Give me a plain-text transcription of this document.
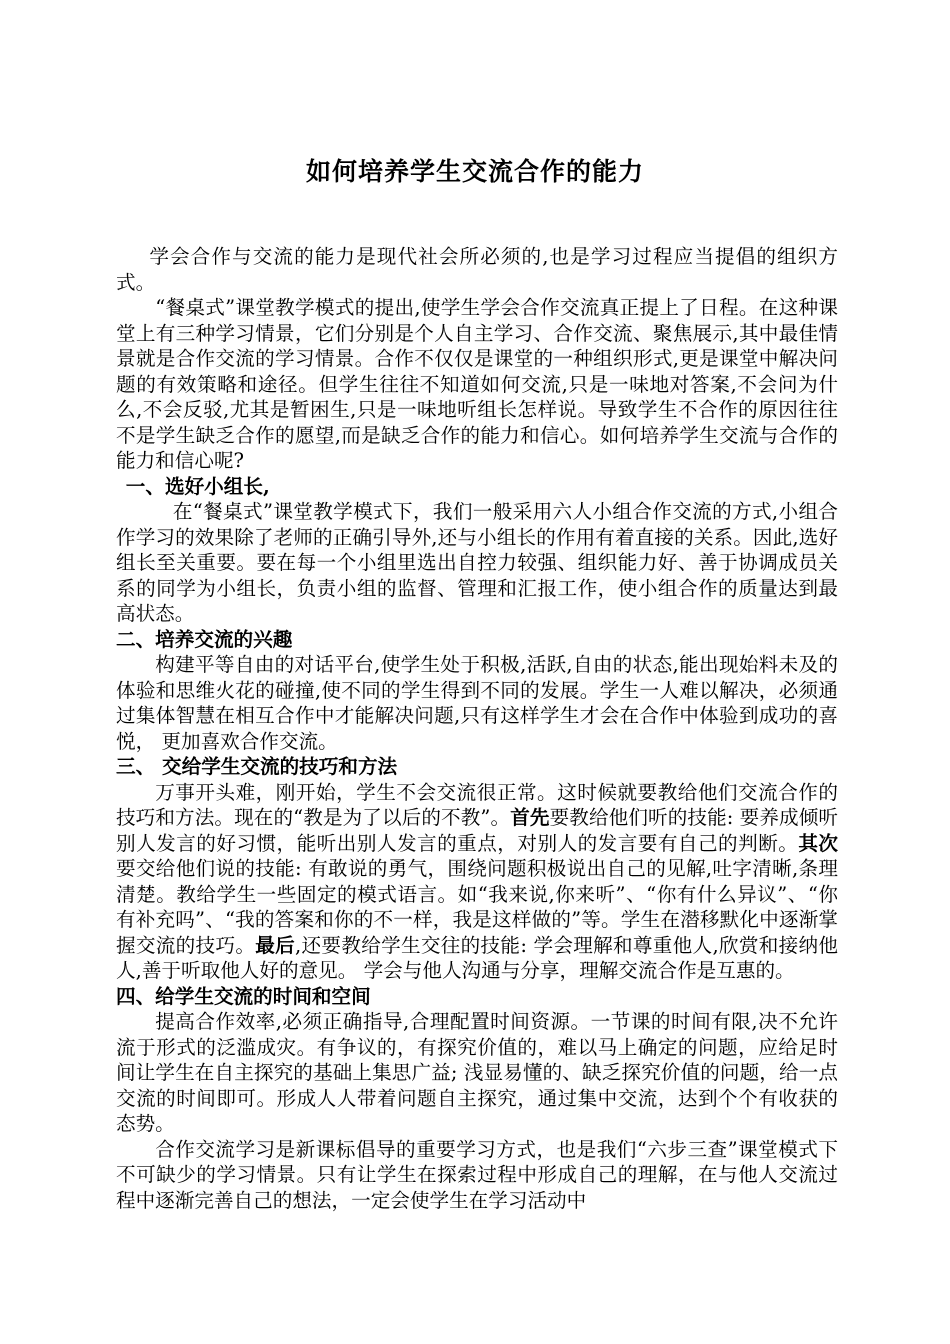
如何培养学生交流合作的能力

学会合作与交流的能力是现代社会所必须的,也是学习过程应当提倡的组织方式。

“餐桌式”课堂教学模式的提出,使学生学会合作交流真正提上了日程。在这种课堂上有三种学习情景，它们分别是个人自主学习、合作交流、聚焦展示,其中最佳情景就是合作交流的学习情景。合作不仅仅是课堂的一种组织形式,更是课堂中解决问题的有效策略和途径。但学生往往不知道如何交流,只是一味地对答案,不会问为什么,不会反驳,尤其是暂困生,只是一味地听组长怎样说。导致学生不合作的原因往往不是学生缺乏合作的愿望,而是缺乏合作的能力和信心。如何培养学生交流与合作的能力和信心呢?

一、选好小组长,

在“餐桌式”课堂教学模式下，我们一般采用六人小组合作交流的方式,小组合作学习的效果除了老师的正确引导外,还与小组长的作用有着直接的关系。因此,选好组长至关重要。要在每一个小组里选出自控力较强、组织能力好、善于协调成员关系的同学为小组长，负责小组的监督、管理和汇报工作，使小组合作的质量达到最高状态。

二、培养交流的兴趣

构建平等自由的对话平台,使学生处于积极,活跃,自由的状态,能出现始料未及的体验和思维火花的碰撞,使不同的学生得到不同的发展。学生一人难以解决，必须通过集体智慧在相互合作中才能解决问题,只有这样学生才会在合作中体验到成功的喜悦， 更加喜欢合作交流。

三、 交给学生交流的技巧和方法

万事开头难，刚开始，学生不会交流很正常。这时候就要教给他们交流合作的技巧和方法。现在的“教是为了以后的不教”。首先要教给他们听的技能: 要养成倾听别人发言的好习惯，能听出别人发言的重点，对别人的发言要有自己的判断。其次要交给他们说的技能: 有敢说的勇气，围绕问题积极说出自己的见解,吐字清晰,条理清楚。教给学生一些固定的模式语言。如“我来说,你来听”、“你有什么异议”、“你有补充吗”、“我的答案和你的不一样，我是这样做的”等。学生在潜移默化中逐渐掌握交流的技巧。最后,还要教给学生交往的技能: 学会理解和尊重他人,欣赏和接纳他人,善于听取他人好的意见。 学会与他人沟通与分享，理解交流合作是互惠的。

四、给学生交流的时间和空间

提高合作效率,必须正确指导,合理配置时间资源。一节课的时间有限,决不允许流于形式的泛滥成灾。有争议的，有探究价值的，难以马上确定的问题，应给足时间让学生在自主探究的基础上集思广益; 浅显易懂的、缺乏探究价值的问题，给一点交流的时间即可。形成人人带着问题自主探究，通过集中交流，达到个个有收获的态势。

合作交流学习是新课标倡导的重要学习方式，也是我们“六步三查”课堂模式下不可缺少的学习情景。只有让学生在探索过程中形成自己的理解，在与他人交流过程中逐渐完善自己的想法，一定会使学生在学习活动中
